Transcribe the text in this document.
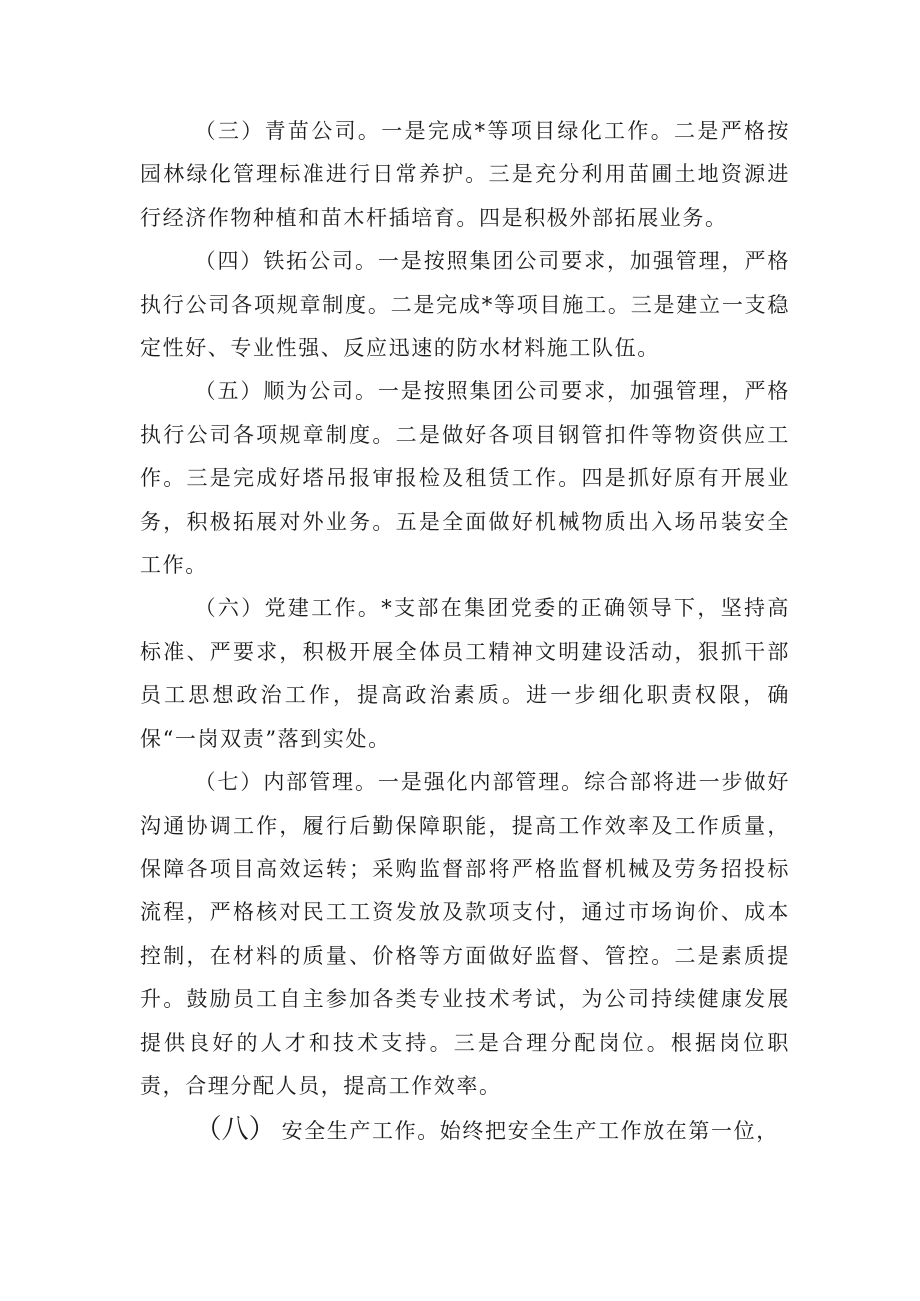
（三）青苗公司。一是完成*等项目绿化工作。二是严格按园林绿化管理标准进行日常养护。三是充分利用苗圃土地资源进行经济作物种植和苗木杆插培育。四是积极外部拓展业务。

（四）铁拓公司。一是按照集团公司要求，加强管理，严格执行公司各项规章制度。二是完成*等项目施工。三是建立一支稳定性好、专业性强、反应迅速的防水材料施工队伍。

（五）顺为公司。一是按照集团公司要求，加强管理，严格执行公司各项规章制度。二是做好各项目钢管扣件等物资供应工作。三是完成好塔吊报审报检及租赁工作。四是抓好原有开展业务，积极拓展对外业务。五是全面做好机械物质出入场吊装安全工作。

（六）党建工作。*支部在集团党委的正确领导下，坚持高标准、严要求，积极开展全体员工精神文明建设活动，狠抓干部员工思想政治工作，提高政治素质。进一步细化职责权限，确保“一岗双责”落到实处。

（七）内部管理。一是强化内部管理。综合部将进一步做好沟通协调工作，履行后勤保障职能，提高工作效率及工作质量，保障各项目高效运转；采购监督部将严格监督机械及劳务招投标流程，严格核对民工工资发放及款项支付，通过市场询价、成本控制，在材料的质量、价格等方面做好监督、管控。二是素质提升。鼓励员工自主参加各类专业技术考试，为公司持续健康发展提供良好的人才和技术支持。三是合理分配岗位。根据岗位职责，合理分配人员，提高工作效率。

（八） 安全生产工作。始终把安全生产工作放在第一位，
